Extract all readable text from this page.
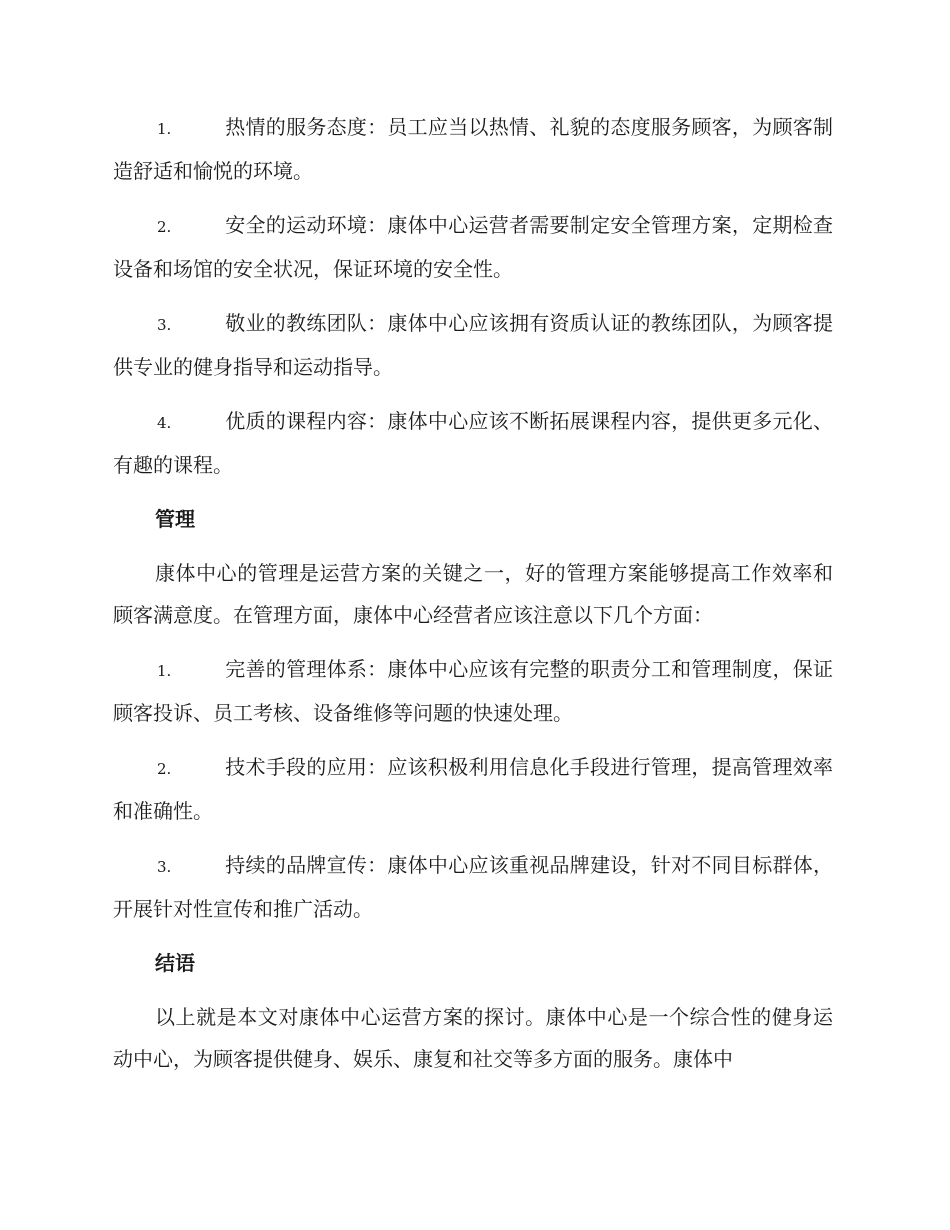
1.	热情的服务态度：员工应当以热情、礼貌的态度服务顾客，为顾客制造舒适和愉悦的环境。

2.	安全的运动环境：康体中心运营者需要制定安全管理方案，定期检查设备和场馆的安全状况，保证环境的安全性。

3.	敬业的教练团队：康体中心应该拥有资质认证的教练团队，为顾客提供专业的健身指导和运动指导。

4.	优质的课程内容：康体中心应该不断拓展课程内容，提供更多元化、有趣的课程。

管理

康体中心的管理是运营方案的关键之一，好的管理方案能够提高工作效率和顾客满意度。在管理方面，康体中心经营者应该注意以下几个方面：

1.	完善的管理体系：康体中心应该有完整的职责分工和管理制度，保证顾客投诉、员工考核、设备维修等问题的快速处理。

2.	技术手段的应用：应该积极利用信息化手段进行管理，提高管理效率和准确性。

3.	持续的品牌宣传：康体中心应该重视品牌建设，针对不同目标群体，开展针对性宣传和推广活动。

结语

以上就是本文对康体中心运营方案的探讨。康体中心是一个综合性的健身运动中心，为顾客提供健身、娱乐、康复和社交等多方面的服务。康体中
